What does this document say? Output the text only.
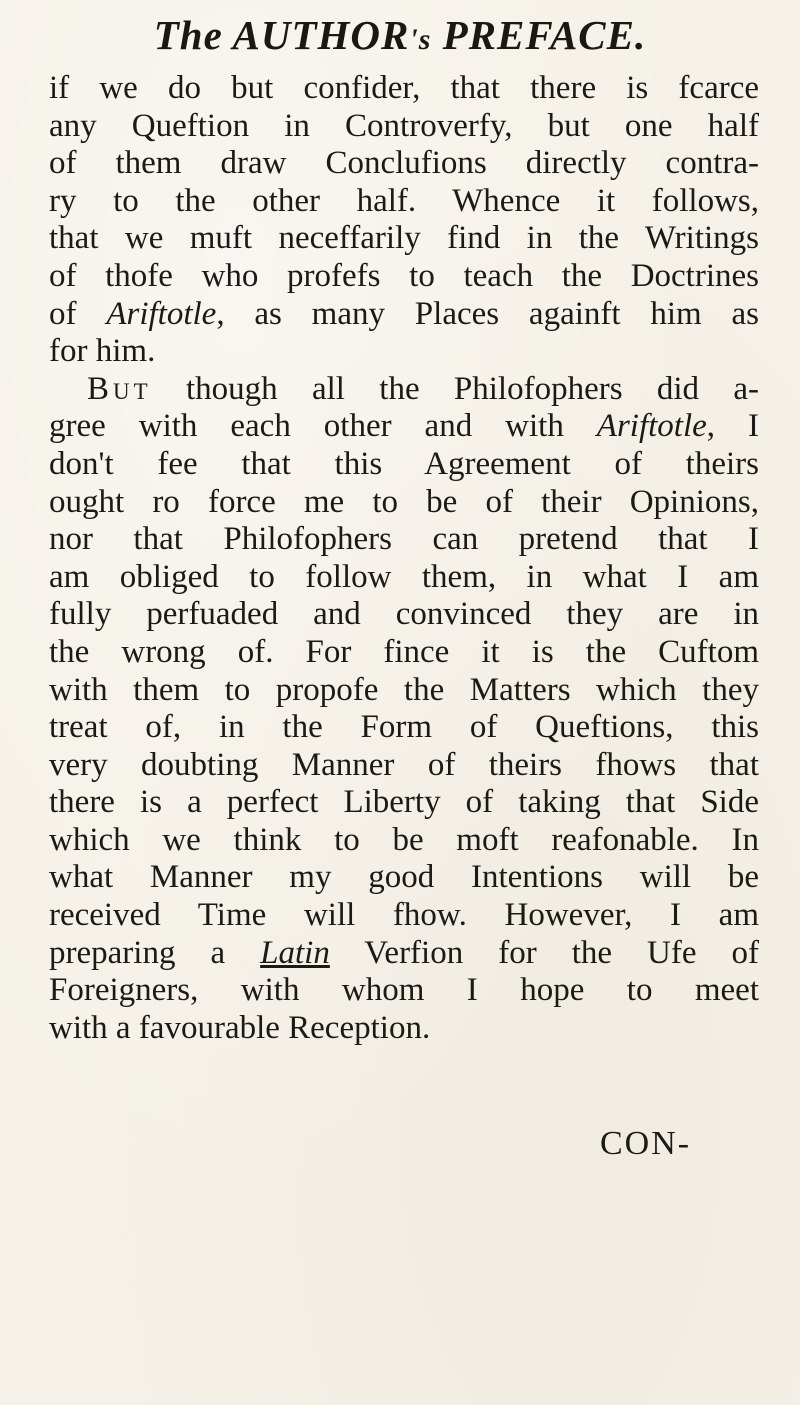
The AUTHOR's PREFACE.
if we do but confider, that there is fcarce
any Queftion in Controverfy, but one half
of them draw Conclufions directly contra-
ry to the other half. Whence it follows,
that we muft neceffarily find in the Writings
of thofe who profefs to teach the Doctrines
of Ariftotle, as many Places againft him as
for him.
But though all the Philofophers did a-
gree with each other and with Ariftotle, I
don't fee that this Agreement of theirs
ought ro force me to be of their Opinions,
nor that Philofophers can pretend that I
am obliged to follow them, in what I am
fully perfuaded and convinced they are in
the wrong of. For fince it is the Cuftom
with them to propofe the Matters which they
treat of, in the Form of Queftions, this
very doubting Manner of theirs fhows that
there is a perfect Liberty of taking that Side
which we think to be moft reafonable. In
what Manner my good Intentions will be
received Time will fhow. However, I am
preparing a Latin Verfion for the Ufe of
Foreigners, with whom I hope to meet
with a favourable Reception.

CON-
